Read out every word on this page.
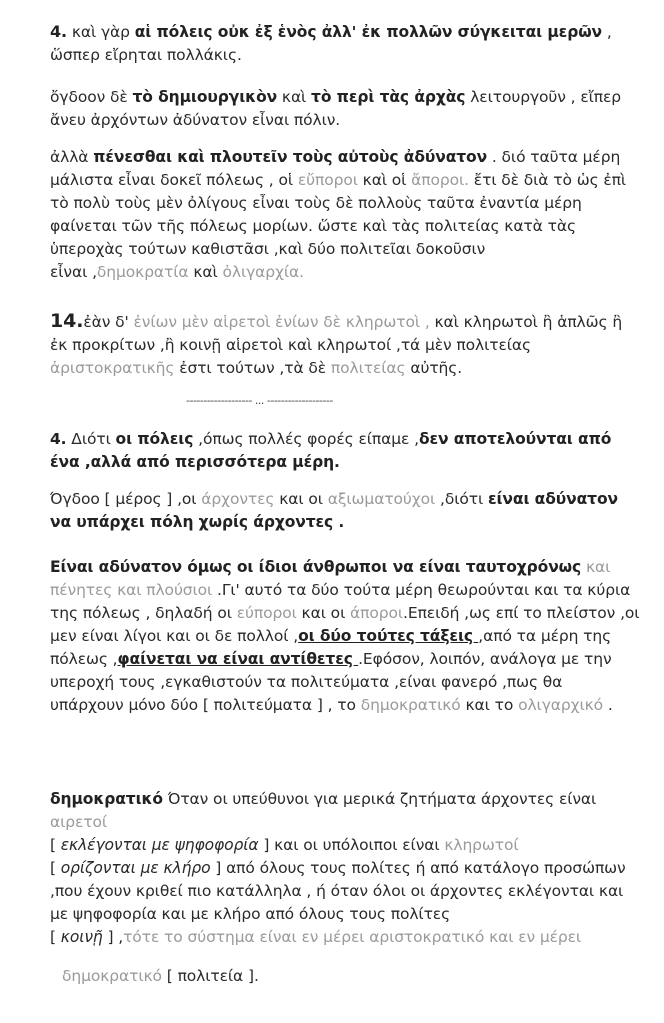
4. καὶ γὰρ αἱ πόλεις οὐκ ἐξ ἑνὸς ἀλλ' ἐκ πολλῶν σύγκειται μερῶν , ὥσπερ εἴρηται πολλάκις.

ὄγδοον δὲ τὸ δημιουργικὸν καὶ τὸ περὶ τὰς ἀρχὰς λειτουργοῦν , εἴπερ ἄνευ ἀρχόντων ἀδύνατον εἶναι πόλιν.

ἀλλὰ πένεσθαι καὶ πλουτεῖν τοὺς αὐτοὺς ἀδύνατον . διό ταῦτα μέρη μάλιστα εἶναι δοκεῖ πόλεως , οἱ εὔποροι καὶ οἱ ἄποροι. ἔτι δὲ διὰ τὸ ὡς ἐπὶ τὸ πολὺ τοὺς μὲν ὀλίγους εἶναι τοὺς δὲ πολλοὺς ταῦτα ἐναντία μέρη φαίνεται τῶν τῆς πόλεως μορίων. ὥστε καὶ τὰς πολιτείας κατὰ τὰς ὑπεροχὰς τούτων καθιστᾶσι ,καὶ δύο πολιτεῖαι δοκοῦσιν
εἶναι ,δημοκρατία καὶ ὀλιγαρχία.

14.ἐὰν δ' ἐνίων μὲν αἱρετοὶ ἐνίων δὲ κληρωτοὶ , καὶ κληρωτοὶ ἢ ἁπλῶς ἢ ἐκ προκρίτων ,ἢ κοινῇ αἱρετοὶ καὶ κληρωτοί ,τά μὲν πολιτείας ἀριστοκρατικῆς ἐστι τούτων ,τὰ δὲ πολιτείας αὐτῆς.

------------------- ... -------------------

4. Διότι οι πόλεις ,όπως πολλές φορές είπαμε ,δεν αποτελούνται από ένα ,αλλά από περισσότερα μέρη.

Όγδοο [ μέρος ] ,οι άρχοντες και οι αξιωματούχοι ,διότι είναι αδύνατον να υπάρχει πόλη χωρίς άρχοντες .

Είναι αδύνατον όμως οι ίδιοι άνθρωποι να είναι ταυτοχρόνως και πένητες και πλούσιοι .Γι' αυτό τα δύο τούτα μέρη θεωρούνται και τα κύρια της πόλεως , δηλαδή οι εύποροι και οι άποροι.Επειδή ,ως επί το πλείστον ,οι μεν είναι λίγοι και οι δε πολλοί ,οι δύο τούτες τάξεις ,από τα μέρη της πόλεως ,φαίνεται να είναι αντίθετες .Εφόσον, λοιπόν, ανάλογα με την υπεροχή τους ,εγκαθιστούν τα πολιτεύματα ,είναι φανερό ,πως θα υπάρχουν μόνο δύο [ πολιτεύματα ] , το δημοκρατικό και το ολιγαρχικό .

δημοκρατικό Όταν οι υπεύθυνοι για μερικά ζητήματα άρχοντες είναι αιρετοί
[ εκλέγονται με ψηφοφορία ] και οι υπόλοιποι είναι κληρωτοί
[ ορίζονται με κλήρο ] από όλους τους πολίτες ή από κατάλογο προσώπων ,που έχουν κριθεί πιο κατάλληλα , ή όταν όλοι οι άρχοντες εκλέγονται και με ψηφοφορία και με κλήρο από όλους τους πολίτες
[ κοινῇ ] ,τότε το σύστημα είναι εν μέρει αριστοκρατικό και εν μέρει

δημοκρατικό [ πολιτεία ].
